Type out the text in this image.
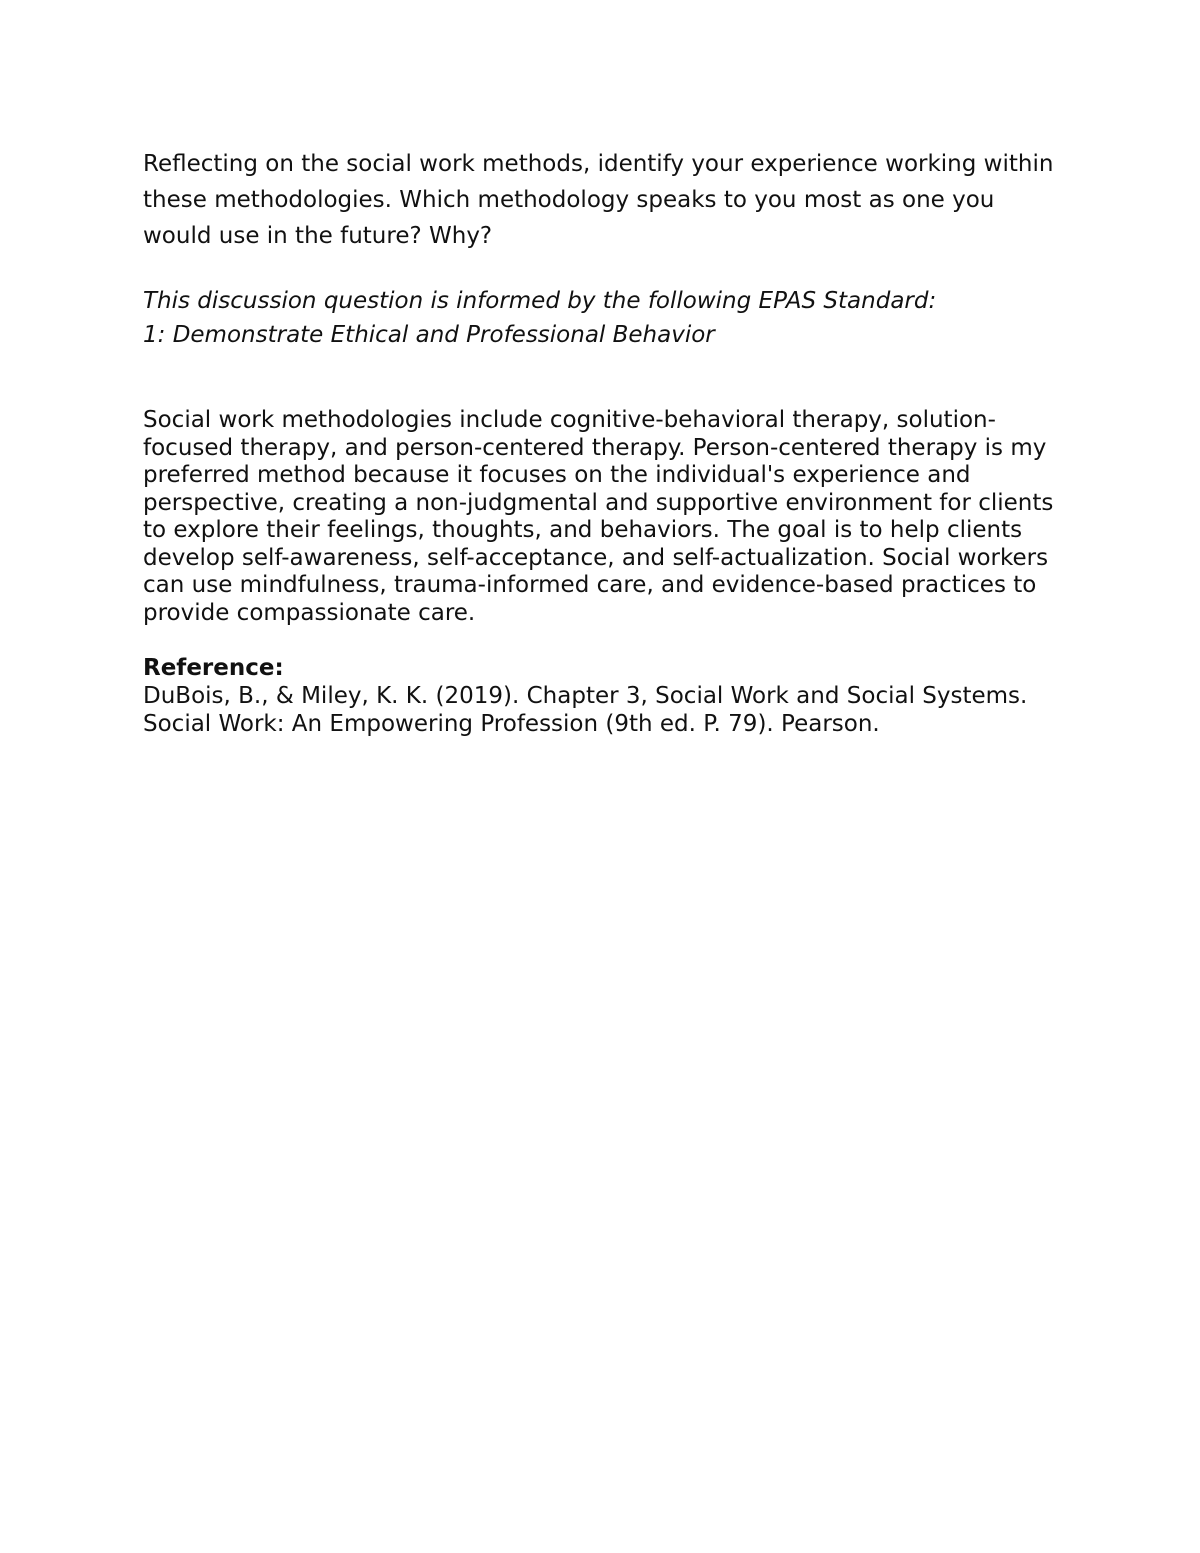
Reflecting on the social work methods, identify your experience working within these methodologies. Which methodology speaks to you most as one you would use in the future? Why?

This discussion question is informed by the following EPAS Standard:

1: Demonstrate Ethical and Professional Behavior

Social work methodologies include cognitive-behavioral therapy, solution-focused therapy, and person-centered therapy. Person-centered therapy is my preferred method because it focuses on the individual's experience and perspective, creating a non-judgmental and supportive environment for clients to explore their feelings, thoughts, and behaviors. The goal is to help clients develop self-awareness, self-acceptance, and self-actualization. Social workers can use mindfulness, trauma-informed care, and evidence-based practices to provide compassionate care.

Reference:

DuBois, B., & Miley, K. K. (2019). Chapter 3, Social Work and Social Systems. Social Work: An Empowering Profession (9th ed. P. 79). Pearson.
